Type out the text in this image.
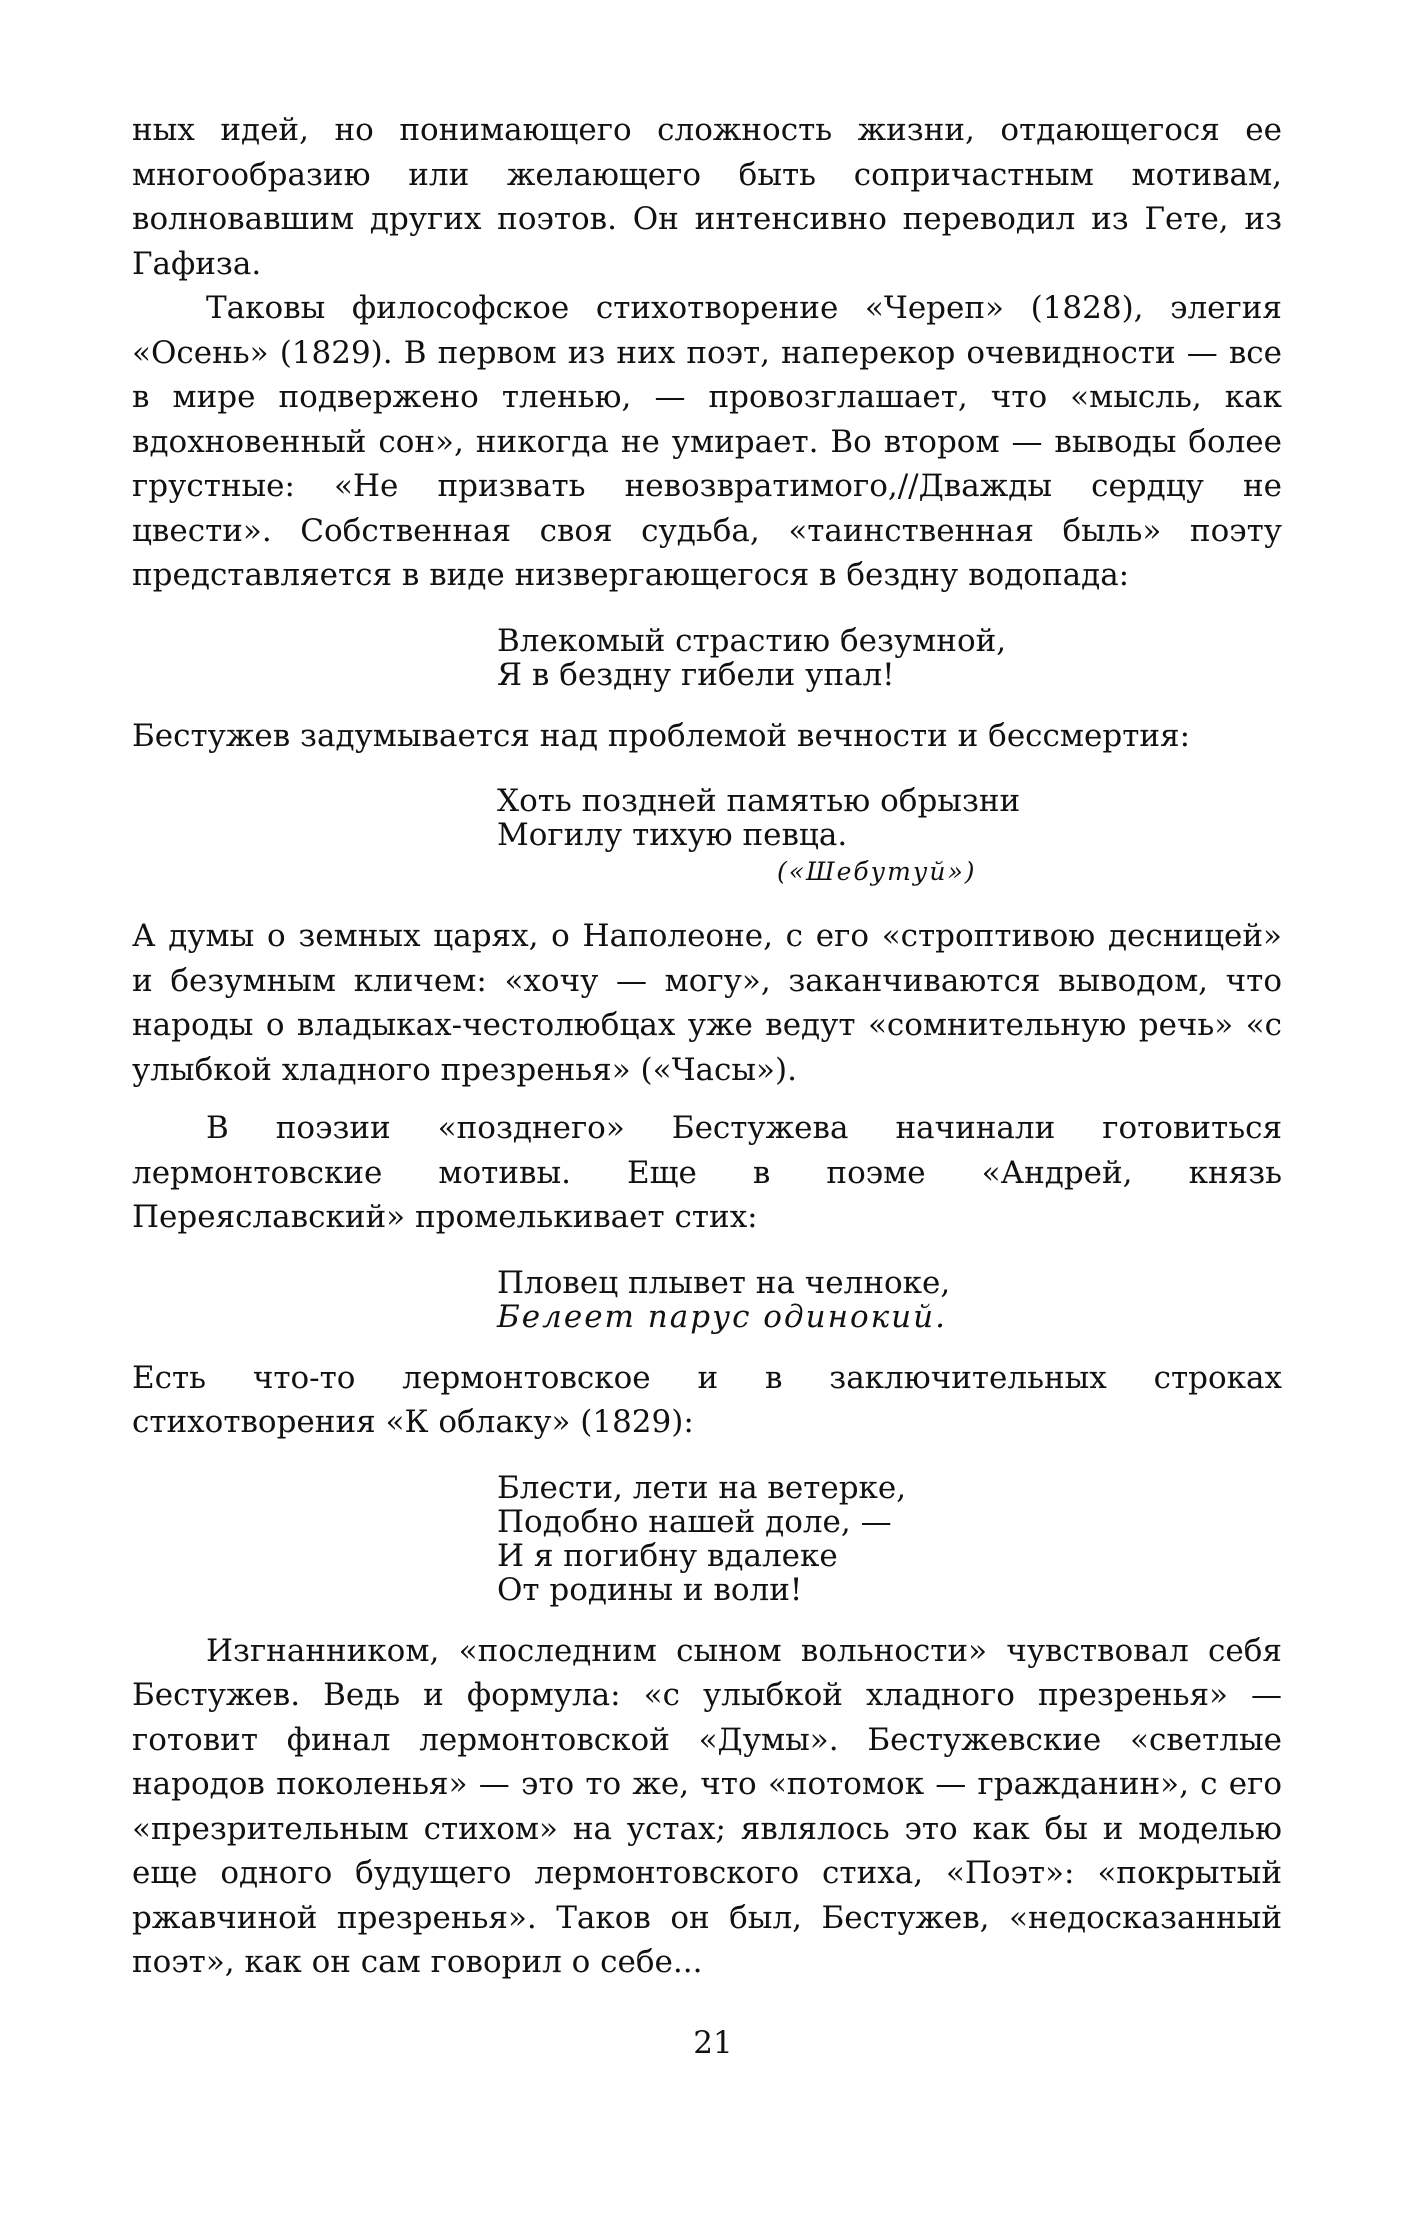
ных идей, но понимающего сложность жизни, отдающегося ее многообразию или желающего быть сопричастным мотивам, волновавшим других поэтов. Он интенсивно переводил из Гете, из Гафиза.

Таковы философское стихотворение «Череп» (1828), элегия «Осень» (1829). В первом из них поэт, наперекор очевидности — все в мире подвержено тленью, — провозглашает, что «мысль, как вдохновенный сон», никогда не умирает. Во втором — выводы более грустные: «Не призвать невозвратимого,//Дважды сердцу не цвести». Собственная своя судьба, «таинственная быль» поэту представляется в виде низвергающегося в бездну водопада:

Влекомый страстию безумной,
Я в бездну гибели упал!

Бестужев задумывается над проблемой вечности и бессмертия:

Хоть поздней памятью обрызни
Могилу тихую певца.
(«Шебутуй»)

А думы о земных царях, о Наполеоне, с его «строптивою десницей» и безумным кличем: «хочу — могу», заканчиваются выводом, что народы о владыках-честолюбцах уже ведут «сомнительную речь» «с улыбкой хладного презренья» («Часы»).

В поэзии «позднего» Бестужева начинали готовиться лермонтовские мотивы. Еще в поэме «Андрей, князь Переяславский» промелькивает стих:

Пловец плывет на челноке,
Белеет парус одинокий.

Есть что-то лермонтовское и в заключительных строках стихотворения «К облаку» (1829):

Блести, лети на ветерке,
Подобно нашей доле, —
И я погибну вдалеке
От родины и воли!

Изгнанником, «последним сыном вольности» чувствовал себя Бестужев. Ведь и формула: «с улыбкой хладного презренья» — готовит финал лермонтовской «Думы». Бестужевские «светлые народов поколенья» — это то же, что «потомок — гражданин», с его «презрительным стихом» на устах; являлось это как бы и моделью еще одного будущего лермонтовского стиха, «Поэт»: «покрытый ржавчиной презренья». Таков он был, Бестужев, «недосказанный поэт», как он сам говорил о себе...

21
